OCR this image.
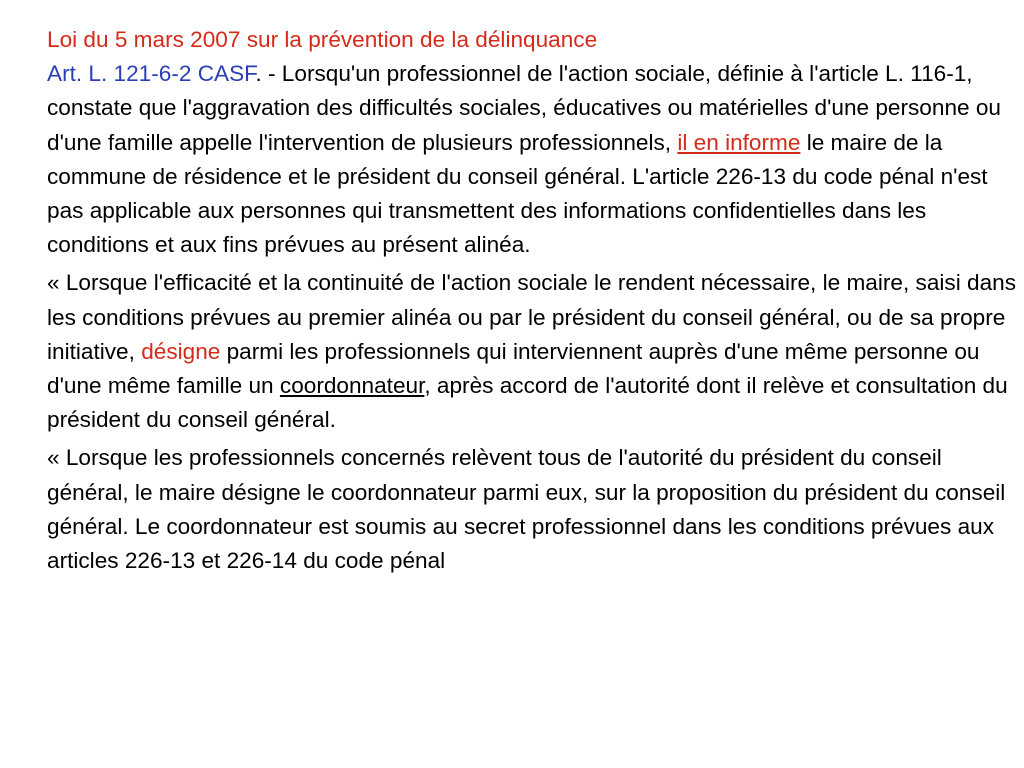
Loi du 5 mars 2007 sur la prévention de la délinquance

Art. L. 121-6-2 CASF. - Lorsqu'un professionnel de l'action sociale, définie à l'article L. 116-1, constate que l'aggravation des difficultés sociales, éducatives ou matérielles d'une personne ou d'une famille appelle l'intervention de plusieurs professionnels, il en informe le maire de la commune de résidence et le président du conseil général. L'article 226-13 du code pénal n'est pas applicable aux personnes qui transmettent des informations confidentielles dans les conditions et aux fins prévues au présent alinéa.

« Lorsque l'efficacité et la continuité de l'action sociale le rendent nécessaire, le maire, saisi dans les conditions prévues au premier alinéa ou par le président du conseil général, ou de sa propre initiative, désigne parmi les professionnels qui interviennent auprès d'une même personne ou d'une même famille un coordonnateur, après accord de l'autorité dont il relève et consultation du président du conseil général.

« Lorsque les professionnels concernés relèvent tous de l'autorité du président du conseil général, le maire désigne le coordonnateur parmi eux, sur la proposition du président du conseil général. Le coordonnateur est soumis au secret professionnel dans les conditions prévues aux articles 226-13 et 226-14 du code pénal
